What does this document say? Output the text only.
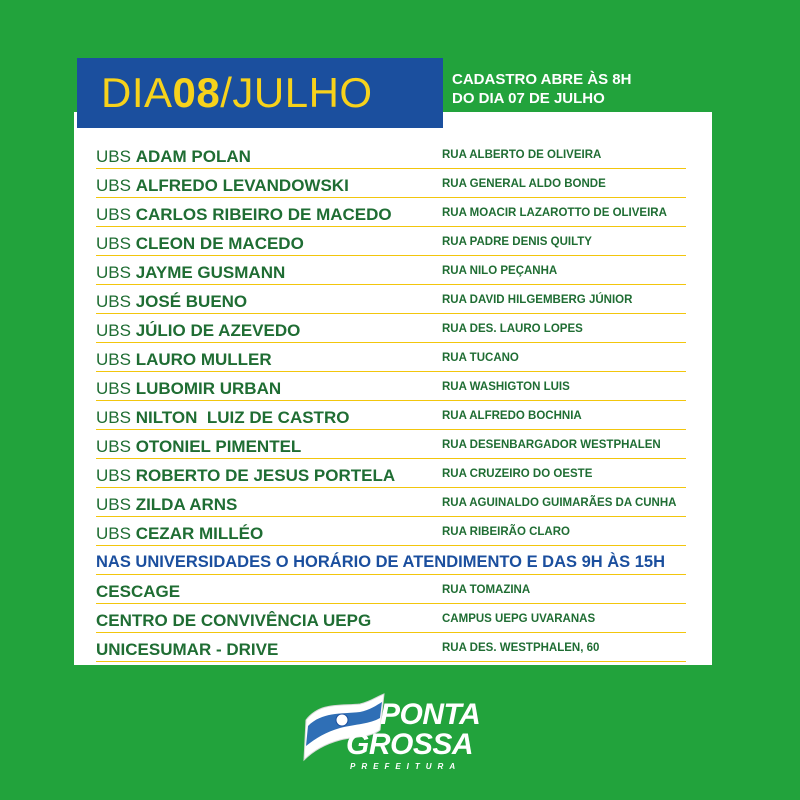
DIA 08 /JULHO	CADASTRO ABRE ÀS 8H
DO DIA 07 DE JULHO
UBS ADAM POLAN	RUA ALBERTO DE OLIVEIRA
UBS ALFREDO LEVANDOWSKI	RUA GENERAL ALDO BONDE
UBS CARLOS RIBEIRO DE MACEDO	RUA MOACIR LAZAROTTO DE OLIVEIRA
UBS CLEON DE MACEDO	RUA PADRE DENIS QUILTY
UBS JAYME GUSMANN	RUA NILO PEÇANHA
UBS JOSÉ BUENO	RUA DAVID HILGEMBERG JÚNIOR
UBS JÚLIO DE AZEVEDO	RUA DES. LAURO LOPES
UBS LAURO MULLER	RUA TUCANO
UBS LUBOMIR URBAN	RUA WASHIGTON LUIS
UBS NILTON  LUIZ DE CASTRO	RUA ALFREDO BOCHNIA
UBS OTONIEL PIMENTEL	RUA DESENBARGADOR WESTPHALEN
UBS ROBERTO DE JESUS PORTELA	RUA CRUZEIRO DO OESTE
UBS ZILDA ARNS	RUA AGUINALDO GUIMARÃES DA CUNHA
UBS CEZAR MILLÉO	RUA RIBEIRÃO CLARO
NAS UNIVERSIDADES O HORÁRIO DE ATENDIMENTO E DAS 9H ÀS 15H
CESCAGE	RUA TOMAZINA
CENTRO DE CONVIVÊNCIA UEPG	CAMPUS UEPG UVARANAS
UNICESUMAR - DRIVE	RUA DES. WESTPHALEN, 60
PONTA
GROSSA
PREFEITURA
